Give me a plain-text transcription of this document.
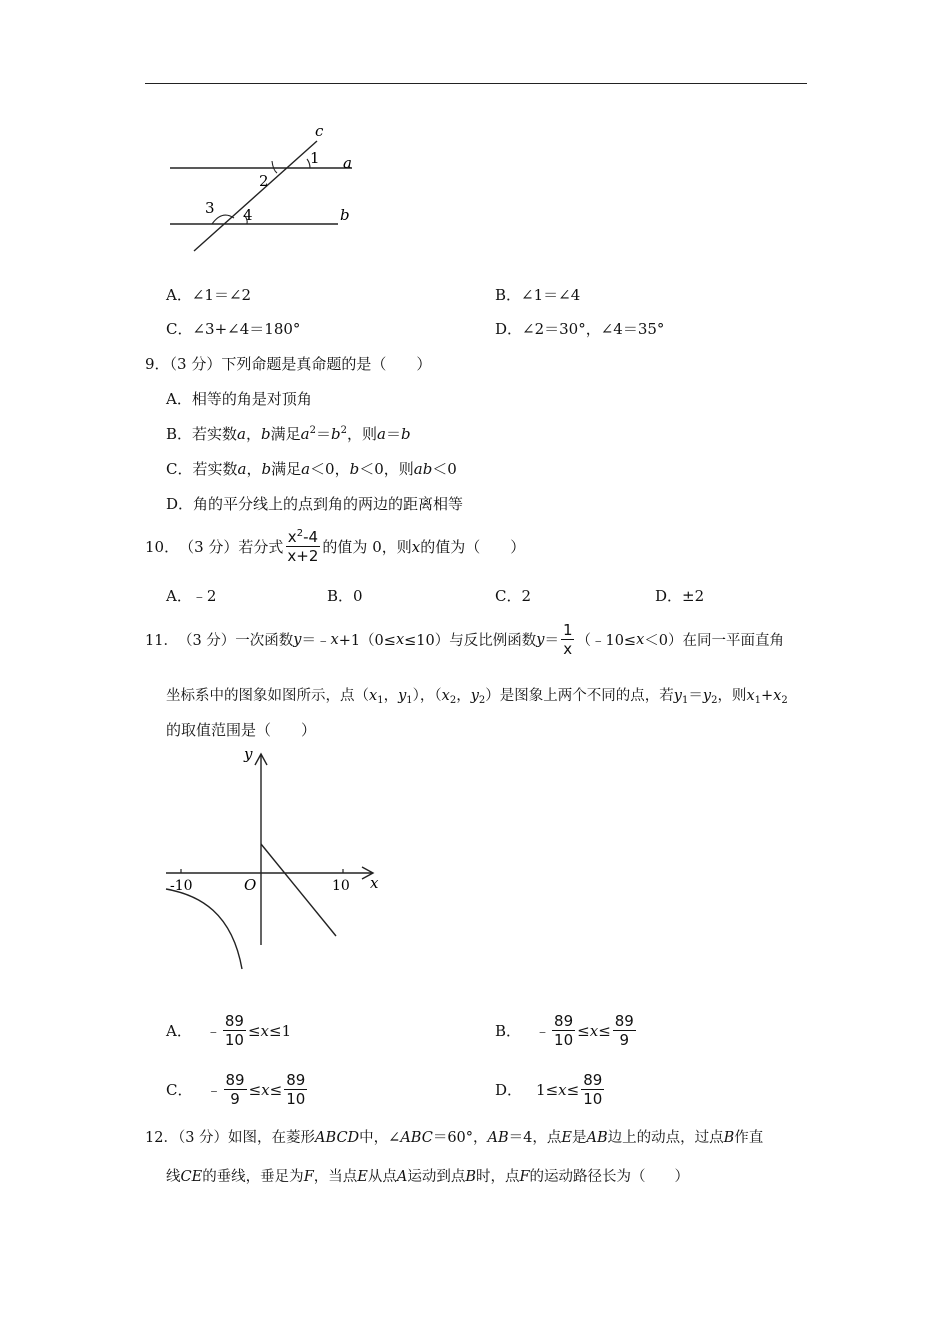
c
1 a
2
3 4	b
A．∠1＝∠2	B．∠1＝∠4
C．∠3+∠4＝180°	D．∠2＝30°，∠4＝35°
9．（3 分）下列命题是真命题的是（　　）
A．相等的角是对顶角
B．若实数a，b满足$a^2=b^2$，则a＝b
C．若实数a，b满足a＜0，b＜0，则ab＜0
D．角的平分线上的点到角的两边的距离相等
10． （3 分） 若分式 $\frac{x^2-4}{x+2}$ 的值为 0，则 x 的值为（　　）
A．﹣2	B．0	C．2	D．±2
11． （3 分） 一次函数 y ＝﹣ x +1（0≤ x ≤10）与反比例函数 $y = \frac{1}{x}$ （﹣10≤ x ＜0）在同一平面直角
坐标系中的图象如图所示，点（$x_1$，$y_1$），（$x_2$，$y_2$）是图象上两个不同的点，若$y_1=y_2$，则$x_1+x_2$
的取值范围是（　　）
y
x
O
-10	10
A． ﹣ $\frac{89}{10} \le x \le 1$	B． ﹣ $\frac{89}{10} \le x \le \frac{89}{9}$
C． ﹣ $\frac{89}{9} \le x \le \frac{89}{10}$	D． $1\le x \le \frac{89}{10}$
12．（3 分）如图，在菱形ABCD中，∠ABC＝60°，AB＝4，点E是AB边上的动点，过点B作直
线CE的垂线，垂足为F，当点E从点A运动到点B时，点F的运动路径长为（　　）
